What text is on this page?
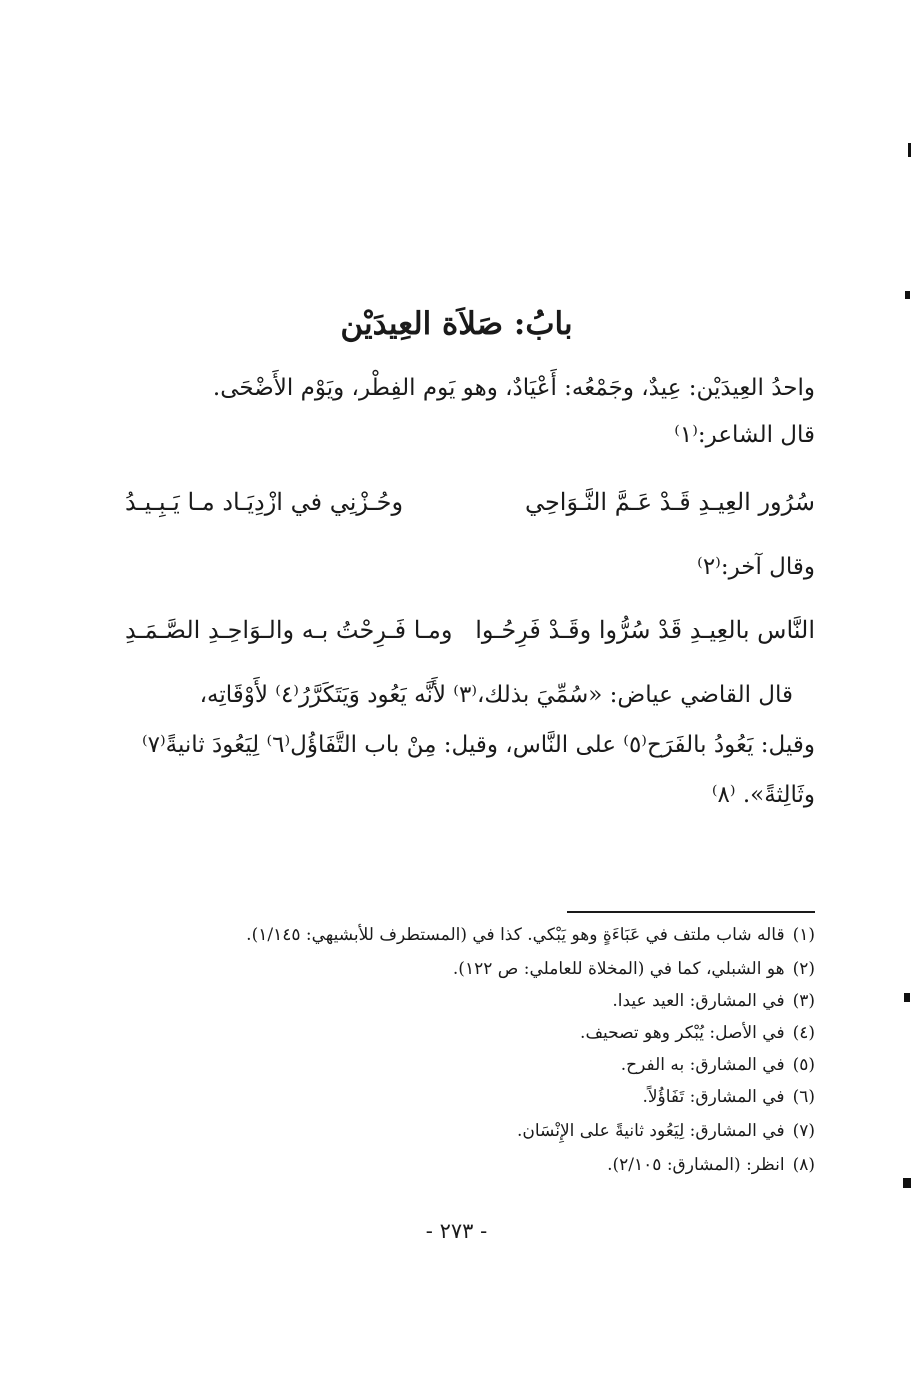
بابُ: صَلاَة العِيدَيْن
واحدُ العِيدَيْن: عِيدٌ، وجَمْعُه: أَعْيَادٌ، وهو يَوم الفِطْر، ويَوْم الأَضْحَى.
قال الشاعر:⁽١⁾
سُرُور العِيـدِ قَـدْ عَـمَّ النَّـوَاحِي
وحُـزْنِي في ازْدِيَـاد مـا يَـبِـيـدُ
وقال آخر:⁽٢⁾
النَّاس بالعِيـدِ قَدْ سُرُّوا وقَـدْ فَرِحُـوا
ومـا فَـرِحْتُ بـه والـوَاحِـدِ الصَّـمَـدِ
قال القاضي عياض: «سُمِّيَ بذلك،⁽٣⁾ لأَنَّه يَعُود وَيَتَكَرَّرُ⁽٤⁾ لأَوْقَاتِه،
وقيل: يَعُودُ بالفَرَح⁽٥⁾ على النَّاس، وقيل: مِنْ باب التَّفَاؤُل⁽٦⁾ لِيَعُودَ ثانيةً⁽٧⁾
وثَالِثةً». ⁽٨⁾
(١)قاله شاب ملتف في عَبَاءَةٍ وهو يَبْكي. كذا في (المستطرف للأبشيهي: ١/١٤٥).
(٢)هو الشبلي، كما في (المخلاة للعاملي: ص ١٢٢).
(٣)في المشارق: العيد عيدا.
(٤)في الأصل: يُبْكر وهو تصحيف.
(٥)في المشارق: به الفرح.
(٦)في المشارق: تَفَاؤُلاً.
(٧)في المشارق: لِيَعُود ثانيةً على الإِنْسَان.
(٨)انظر: (المشارق: ٢/١٠٥).
- ٢٧٣ -
